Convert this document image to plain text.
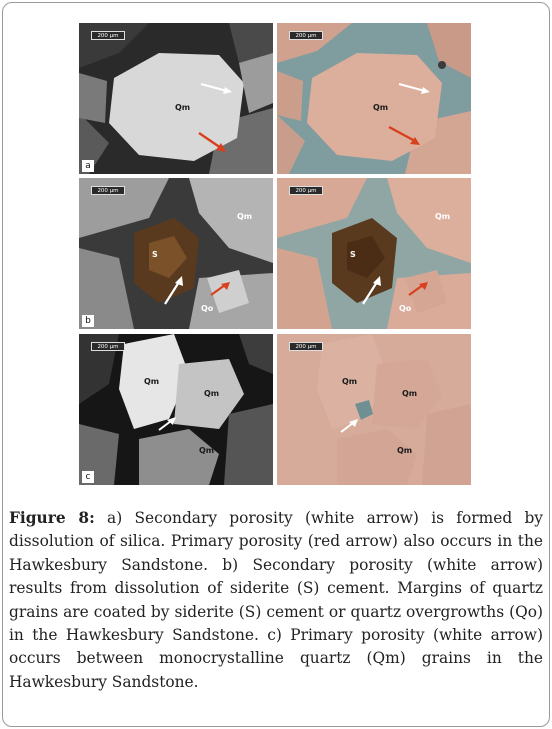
200 µm
Qm
a
200 µm
Qm
200 µm
S
Qm
Qo
b
200 µm
S
Qm
Qo
200 µm
Qm
Qm
Qm
c
200 µm
Qm
Qm
Qm

Figure 8: a) Secondary porosity (white arrow) is formed by dissolution of silica. Primary porosity (red arrow) also occurs in the Hawkesbury Sandstone. b) Secondary porosity (white arrow) results from dissolution of siderite (S) cement. Margins of quartz grains are coated by siderite (S) cement or quartz overgrowths (Qo) in the Hawkesbury Sandstone. c) Primary porosity (white arrow) occurs between monocrystalline quartz (Qm) grains in the Hawkesbury Sandstone.
